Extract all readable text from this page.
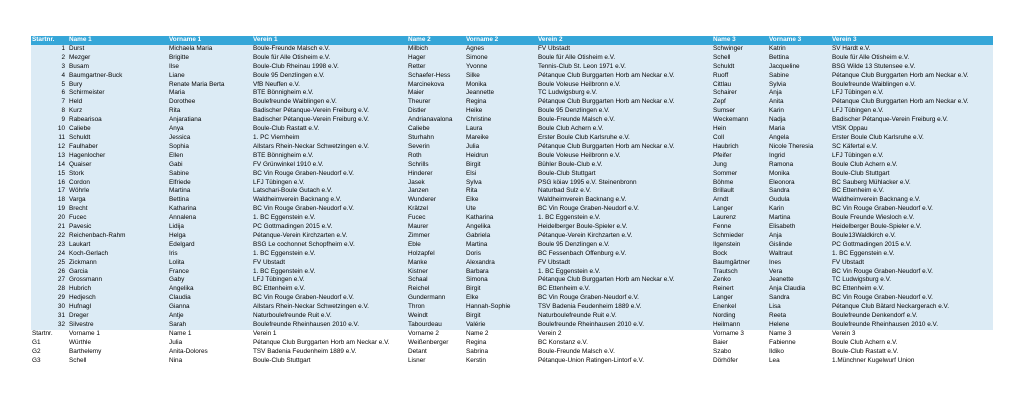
Startnr.	Name 1	Vorname 1	Verein 1	Name 2	Vorname 2	Verein 2	Name 3	Vorname 3	Verein 3	
1	Durst	Michaela Maria	Boule-Freunde Malsch e.V.	Milbich	Agnes	FV Ubstadt	Schwinger	Katrin	SV Hardt e.V.	
2	Mezger	Brigitte	Boule für Alle Ötisheim e.V.	Hager	Simone	Boule für Alle Ötisheim e.V.	Schell	Bettina	Boule für Alle Ötisheim e.V.	
3	Busam	Ilse	Boule-Club Rheinau 1998 e.V.	Retter	Yvonne	Tennis-Club St. Leon 1971 e.V.	Schuldt	Jacqueline	BSG Wilde 13 Stutensee e.V.	
4	Baumgartner-Buck	Liane	Boule 95 Denzlingen e.V.	Schaefer-Hess	Silke	Pétanque Club Burggarten Horb am Neckar e.V.	Ruoff	Sabine	Pétanque Club Burggarten Horb am Neckar e.V.	
5	Bury	Renate Maria Berta	VfB Neuffen e.V.	Marcinekova	Monika	Boule Voleuse Heilbronn e.V.	Cittlau	Sylvia	Boulefreunde Waiblingen e.V.	
6	Schirmeister	Maria	BTE Bönnigheim e.V.	Maier	Jeannette	TC Ludwigsburg e.V.	Schairer	Anja	LFJ Tübingen e.V.	
7	Held	Dorothee	Boulefreunde Waiblingen e.V.	Theurer	Regina	Pétanque Club Burggarten Horb am Neckar e.V.	Zepf	Anita	Pétanque Club Burggarten Horb am Neckar e.V.	
8	Kurz	Rita	Badischer Pétanque-Verein Freiburg e.V.	Distler	Heike	Boule 95 Denzlingen e.V.	Sumser	Karin	LFJ Tübingen e.V.	
9	Rabearisoa	Anjaratiana	Badischer Pétanque-Verein Freiburg e.V.	Andrianavalona	Christine	Boule-Freunde Malsch e.V.	Weckemann	Nadja	Badischer Pétanque-Verein Freiburg e.V.	
10	Caliebe	Anya	Boule-Club Rastatt e.V.	Caliebe	Laura	Boule Club Achern e.V.	Hein	Maria	VfSK Oppau	
11	Schuldt	Jessica	1. PC Viernheim	Sturhahn	Mareike	Erster Boule Club Karlsruhe e.V.	Coll	Angela	Erster Boule Club Karlsruhe e.V.	
12	Faulhaber	Sophia	Allstars Rhein-Neckar Schwetzingen e.V.	Severin	Julia	Pétanque Club Burggarten Horb am Neckar e.V.	Haubrich	Nicole Theresia	SC Käfertal e.V.	
13	Hagenlocher	Ellen	BTE Bönnigheim e.V.	Roth	Heidrun	Boule Voleuse Heilbronn e.V.	Pfeifer	Ingrid	LFJ Tübingen e.V.	
14	Quaiser	Gabi	FV Grünwinkel 1910 e.V.	Schrills	Birgit	Bühler Boule-Club e.V.	Jung	Ramona	Boule Club Achern e.V.	
15	Stork	Sabine	BC Vin Rouge Graben-Neudorf e.V.	Hinderer	Elsi	Boule-Club Stuttgart	Sommer	Monika	Boule-Club Stuttgart	
16	Cordon	Elfriede	LFJ Tübingen e.V.	Jasek	Sylva	PSG köiav 1995 e.V. Steinenbronn	Böhme	Eleonora	BC Sauberg Mühlacker e.V.	
17	Wöhrle	Martina	Latschari-Boule Gutach e.V.	Janzen	Rita	Naturbad Sulz e.V.	Brillault	Sandra	BC Ettenheim e.V.	
18	Varga	Bettina	Waldheimverein Backnang e.V.	Wunderer	Elke	Waldheimverein Backnang e.V.	Arndt	Gudula	Waldheimverein Backnang e.V.	
19	Brecht	Katharina	BC Vin Rouge Graben-Neudorf e.V.	Krätzel	Ute	BC Vin Rouge Graben-Neudorf e.V.	Langer	Karin	BC Vin Rouge Graben-Neudorf e.V.	
20	Fucec	Annalena	1. BC Eggenstein e.V.	Fucec	Katharina	1. BC Eggenstein e.V.	Laurenz	Martina	Boule Freunde Wiesloch e.V.	
21	Pavesic	Lidija	PC Gottmadingen 2015 e.V.	Maurer	Angelika	Heidelberger Boule-Spieler e.V.	Fenne	Elisabeth	Heidelberger Boule-Spieler e.V.	
22	Reichenbach-Rahm	Helga	Pétanque-Verein Kirchzarten e.V.	Zimmer	Gabriela	Pétanque-Verein Kirchzarten e.V.	Schmieder	Anja	Boule13Waldkirch e.V.	
23	Laukart	Edelgard	BSG Le cochonnet Schopfheim e.V.	Eble	Martina	Boule 95 Denzlingen e.V.	Ilgenstein	Gislinde	PC Gottmadingen 2015 e.V.	
24	Koch-Gerlach	Iris	1. BC Eggenstein e.V.	Holzapfel	Doris	BC Fessenbach Offenburg e.V.	Bock	Waltraut	1. BC Eggenstein e.V.	
25	Zickmann	Lolita	FV Ubstadt	Manke	Alexandra	FV Ubstadt	Baumgärtner	Ines	FV Ubstadt	
26	Garcia	France	1. BC Eggenstein e.V.	Kistner	Barbara	1. BC Eggenstein e.V.	Trautsch	Vera	BC Vin Rouge Graben-Neudorf e.V.	
27	Grossmann	Gaby	LFJ Tübingen e.V.	Schaal	Simona	Pétanque Club Burggarten Horb am Neckar e.V.	Zenko	Jeanette	TC Ludwigsburg e.V.	
28	Hubrich	Angelika	BC Ettenheim e.V.	Reichel	Birgit	BC Ettenheim e.V.	Reinert	Anja Claudia	BC Ettenheim e.V.	
29	Hedjesch	Claudia	BC Vin Rouge Graben-Neudorf e.V.	Gundermann	Elke	BC Vin Rouge Graben-Neudorf e.V.	Langer	Sandra	BC Vin Rouge Graben-Neudorf e.V.	
30	Hufnagl	Gianna	Allstars Rhein-Neckar Schwetzingen e.V.	Thron	Hannah-Sophie	TSV Badenia Feudenheim 1889 e.V.	Enenkel	Lisa	Pétanque Club Bätard Neckargerach e.V.	
31	Dreger	Antje	Naturboulefreunde Ruit e.V.	Weindt	Birgit	Naturboulefreunde Ruit e.V.	Nording	Reeta	Boulefreunde Denkendorf e.V.	
32	Silvestre	Sarah	Boulefreunde Rheinhausen 2010 e.V.	Tabourdeau	Valérie	Boulefreunde Rheinhausen 2010 e.V.	Heilmann	Helene	Boulefreunde Rheinhausen 2010 e.V.	
Startnr.	Vorname 1	Name 1	Verein 1	Vorname 2	Name 2	Verein 2	Vorname 3	Name 3	Verein 3	
G1	Würthle	Julia	Pétanque Club Burggarten Horb am Neckar e.V.	Weißenberger	Regina	BC Konstanz e.V.	Baier	Fabienne	Boule Club Achern e.V.	
G2	Barthelemy	Anita-Dolores	TSV Badenia Feudenheim 1889 e.V.	Detant	Sabrina	Boule-Freunde Malsch e.V.	Szabo	Ildiko	Boule-Club Rastatt e.V.	
G3	Schell	Nina	Boule-Club Stuttgart	Lisner	Kerstin	Pétanque-Union Ratingen-Lintorf e.V.	Dörhöfer	Lea	1.Münchner Kugelwurf Union	
